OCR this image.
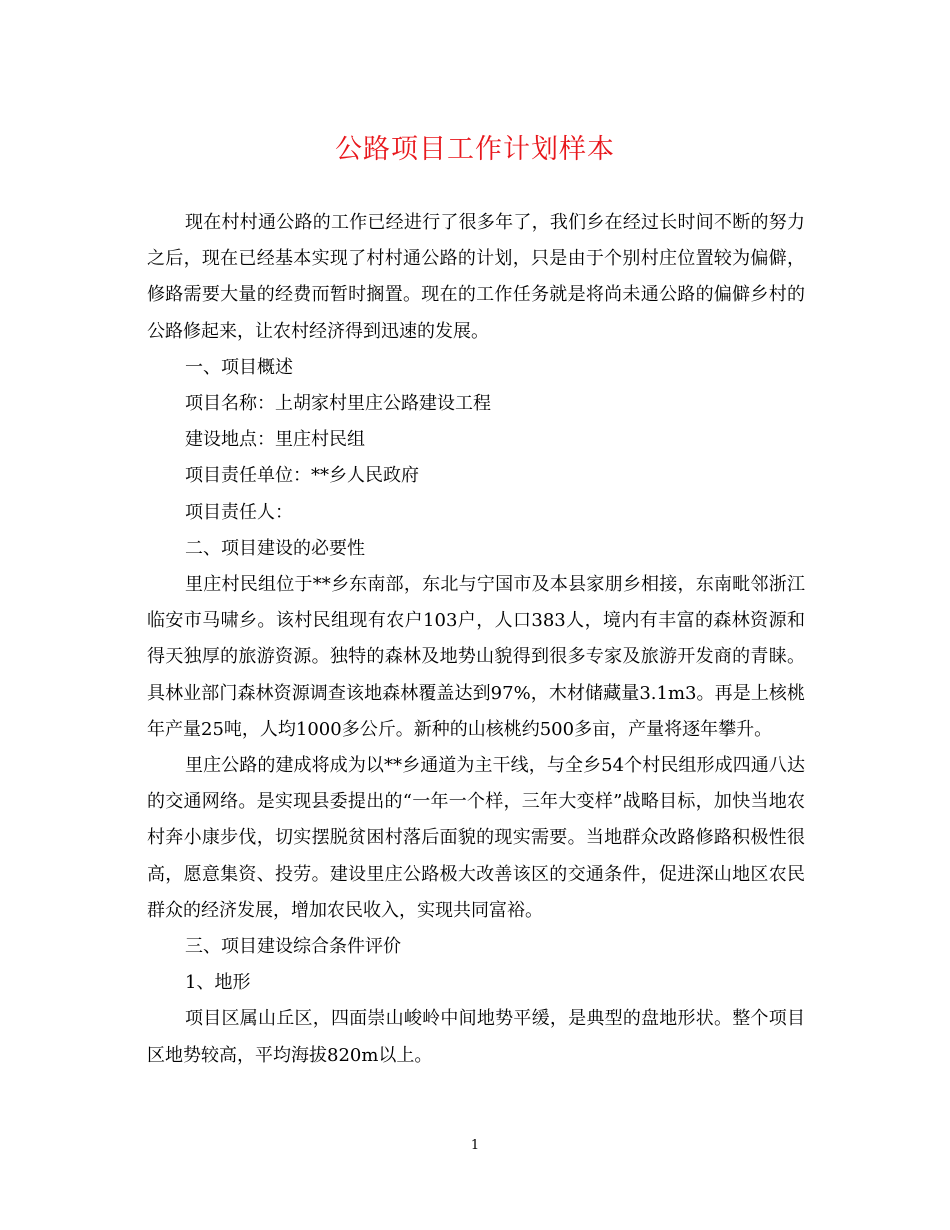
公路项目工作计划样本

现在村村通公路的工作已经进行了很多年了，我们乡在经过长时间不断的努力之后，现在已经基本实现了村村通公路的计划，只是由于个别村庄位置较为偏僻，修路需要大量的经费而暂时搁置。现在的工作任务就是将尚未通公路的偏僻乡村的公路修起来，让农村经济得到迅速的发展。

一、项目概述

项目名称：上胡家村里庄公路建设工程

建设地点：里庄村民组

项目责任单位：**乡人民政府

项目责任人：

二、项目建设的必要性

里庄村民组位于**乡东南部，东北与宁国市及本县家朋乡相接，东南毗邻浙江临安市马啸乡。该村民组现有农户103户，人口383人，境内有丰富的森林资源和得天独厚的旅游资源。独特的森林及地势山貌得到很多专家及旅游开发商的青睐。具林业部门森林资源调查该地森林覆盖达到97%，木材储藏量3.1m3。再是上核桃年产量25吨，人均1000多公斤。新种的山核桃约500多亩，产量将逐年攀升。

里庄公路的建成将成为以**乡通道为主干线，与全乡54个村民组形成四通八达的交通网络。是实现县委提出的“一年一个样，三年大变样”战略目标，加快当地农村奔小康步伐，切实摆脱贫困村落后面貌的现实需要。当地群众改路修路积极性很高，愿意集资、投劳。建设里庄公路极大改善该区的交通条件，促进深山地区农民群众的经济发展，增加农民收入，实现共同富裕。

三、项目建设综合条件评价

1、地形

项目区属山丘区，四面崇山峻岭中间地势平缓，是典型的盘地形状。整个项目区地势较高，平均海拔820m以上。

1
